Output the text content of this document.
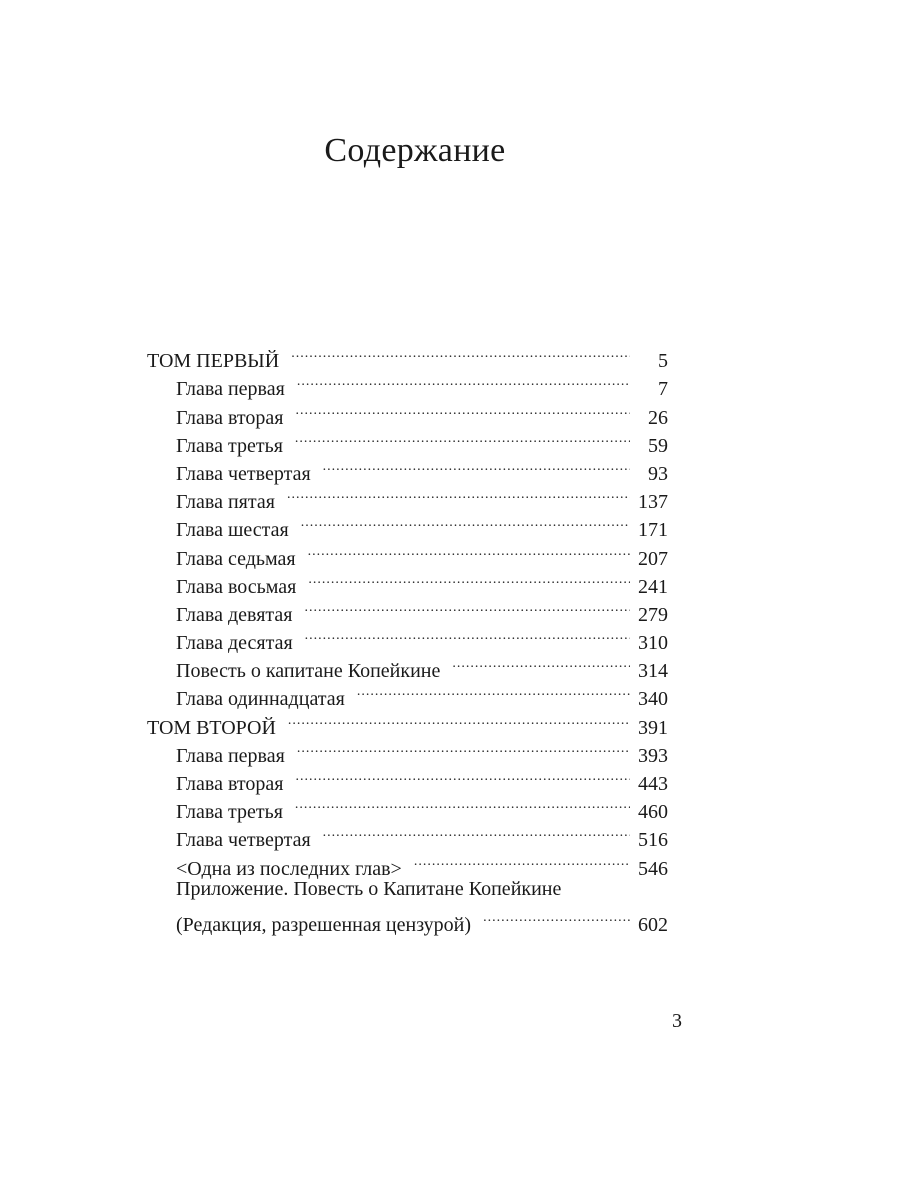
Содержание
ТОМ ПЕРВЫЙ .....	5
Глава первая .....	7
Глава вторая .....	26
Глава третья .....	59
Глава четвертая .....	93
Глава пятая .....	137
Глава шестая .....	171
Глава седьмая .....	207
Глава восьмая .....	241
Глава девятая .....	279
Глава десятая .....	310
Повесть о капитане Копейкине .....	314
Глава одиннадцатая .....	340
ТОМ ВТОРОЙ .....	391
Глава первая .....	393
Глава вторая .....	443
Глава третья .....	460
Глава четвертая .....	516
<Одна из последних глав> .....	546
Приложение. Повесть о Капитане Копейкине
(Редакция, разрешенная цензурой) .....	602
3
